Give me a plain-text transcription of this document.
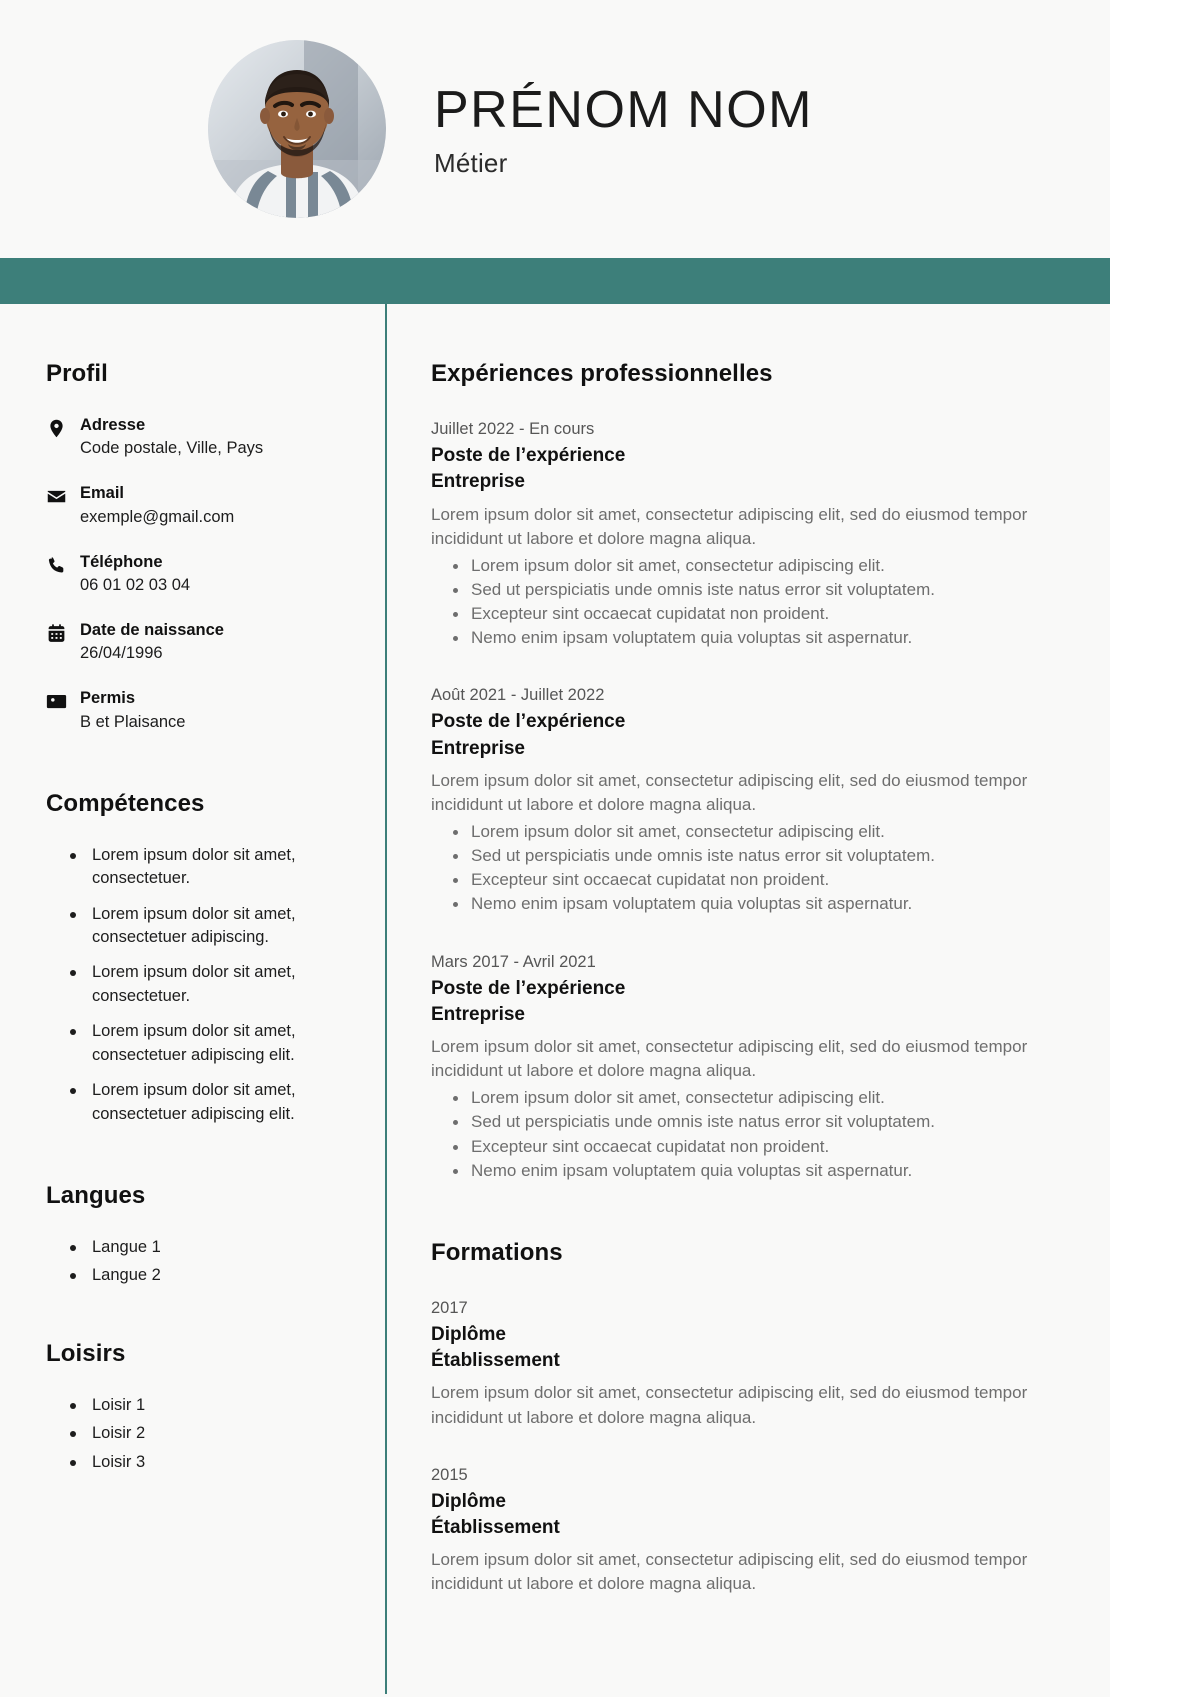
PRÉNOM NOM
Métier
Profil
Adresse
Code postale, Ville, Pays
Email
exemple@gmail.com
Téléphone
06 01 02 03 04
Date de naissance
26/04/1996
Permis
B et Plaisance
Compétences
Lorem ipsum dolor sit amet, consectetuer.
Lorem ipsum dolor sit amet, consectetuer adipiscing.
Lorem ipsum dolor sit amet, consectetuer.
Lorem ipsum dolor sit amet, consectetuer adipiscing elit.
Lorem ipsum dolor sit amet, consectetuer adipiscing elit.
Langues
Langue 1
Langue 2
Loisirs
Loisir 1
Loisir 2
Loisir 3
Expériences professionnelles
Juillet 2022 - En cours
Poste de l’expérience
Entreprise
Lorem ipsum dolor sit amet, consectetur adipiscing elit, sed do eiusmod tempor incididunt ut labore et dolore magna aliqua.
Lorem ipsum dolor sit amet, consectetur adipiscing elit.
Sed ut perspiciatis unde omnis iste natus error sit voluptatem.
Excepteur sint occaecat cupidatat non proident.
Nemo enim ipsam voluptatem quia voluptas sit aspernatur.
Août 2021 - Juillet 2022
Poste de l’expérience
Entreprise
Lorem ipsum dolor sit amet, consectetur adipiscing elit, sed do eiusmod tempor incididunt ut labore et dolore magna aliqua.
Lorem ipsum dolor sit amet, consectetur adipiscing elit.
Sed ut perspiciatis unde omnis iste natus error sit voluptatem.
Excepteur sint occaecat cupidatat non proident.
Nemo enim ipsam voluptatem quia voluptas sit aspernatur.
Mars 2017 - Avril 2021
Poste de l’expérience
Entreprise
Lorem ipsum dolor sit amet, consectetur adipiscing elit, sed do eiusmod tempor incididunt ut labore et dolore magna aliqua.
Lorem ipsum dolor sit amet, consectetur adipiscing elit.
Sed ut perspiciatis unde omnis iste natus error sit voluptatem.
Excepteur sint occaecat cupidatat non proident.
Nemo enim ipsam voluptatem quia voluptas sit aspernatur.
Formations
2017
Diplôme
Établissement
Lorem ipsum dolor sit amet, consectetur adipiscing elit, sed do eiusmod tempor incididunt ut labore et dolore magna aliqua.
2015
Diplôme
Établissement
Lorem ipsum dolor sit amet, consectetur adipiscing elit, sed do eiusmod tempor incididunt ut labore et dolore magna aliqua.
